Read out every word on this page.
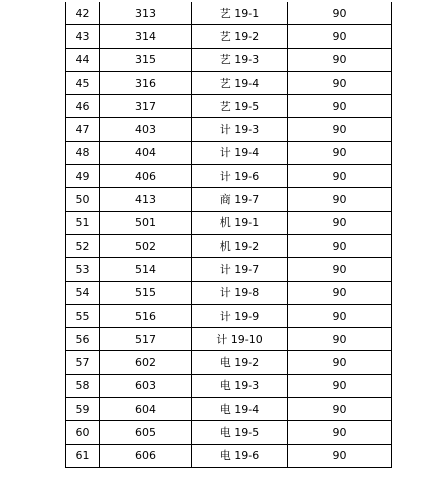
42	313	艺 19-1	90
43	314	艺 19-2	90
44	315	艺 19-3	90
45	316	艺 19-4	90
46	317	艺 19-5	90
47	403	计 19-3	90
48	404	计 19-4	90
49	406	计 19-6	90
50	413	商 19-7	90
51	501	机 19-1	90
52	502	机 19-2	90
53	514	计 19-7	90
54	515	计 19-8	90
55	516	计 19-9	90
56	517	计 19-10	90
57	602	电 19-2	90
58	603	电 19-3	90
59	604	电 19-4	90
60	605	电 19-5	90
61	606	电 19-6	90
